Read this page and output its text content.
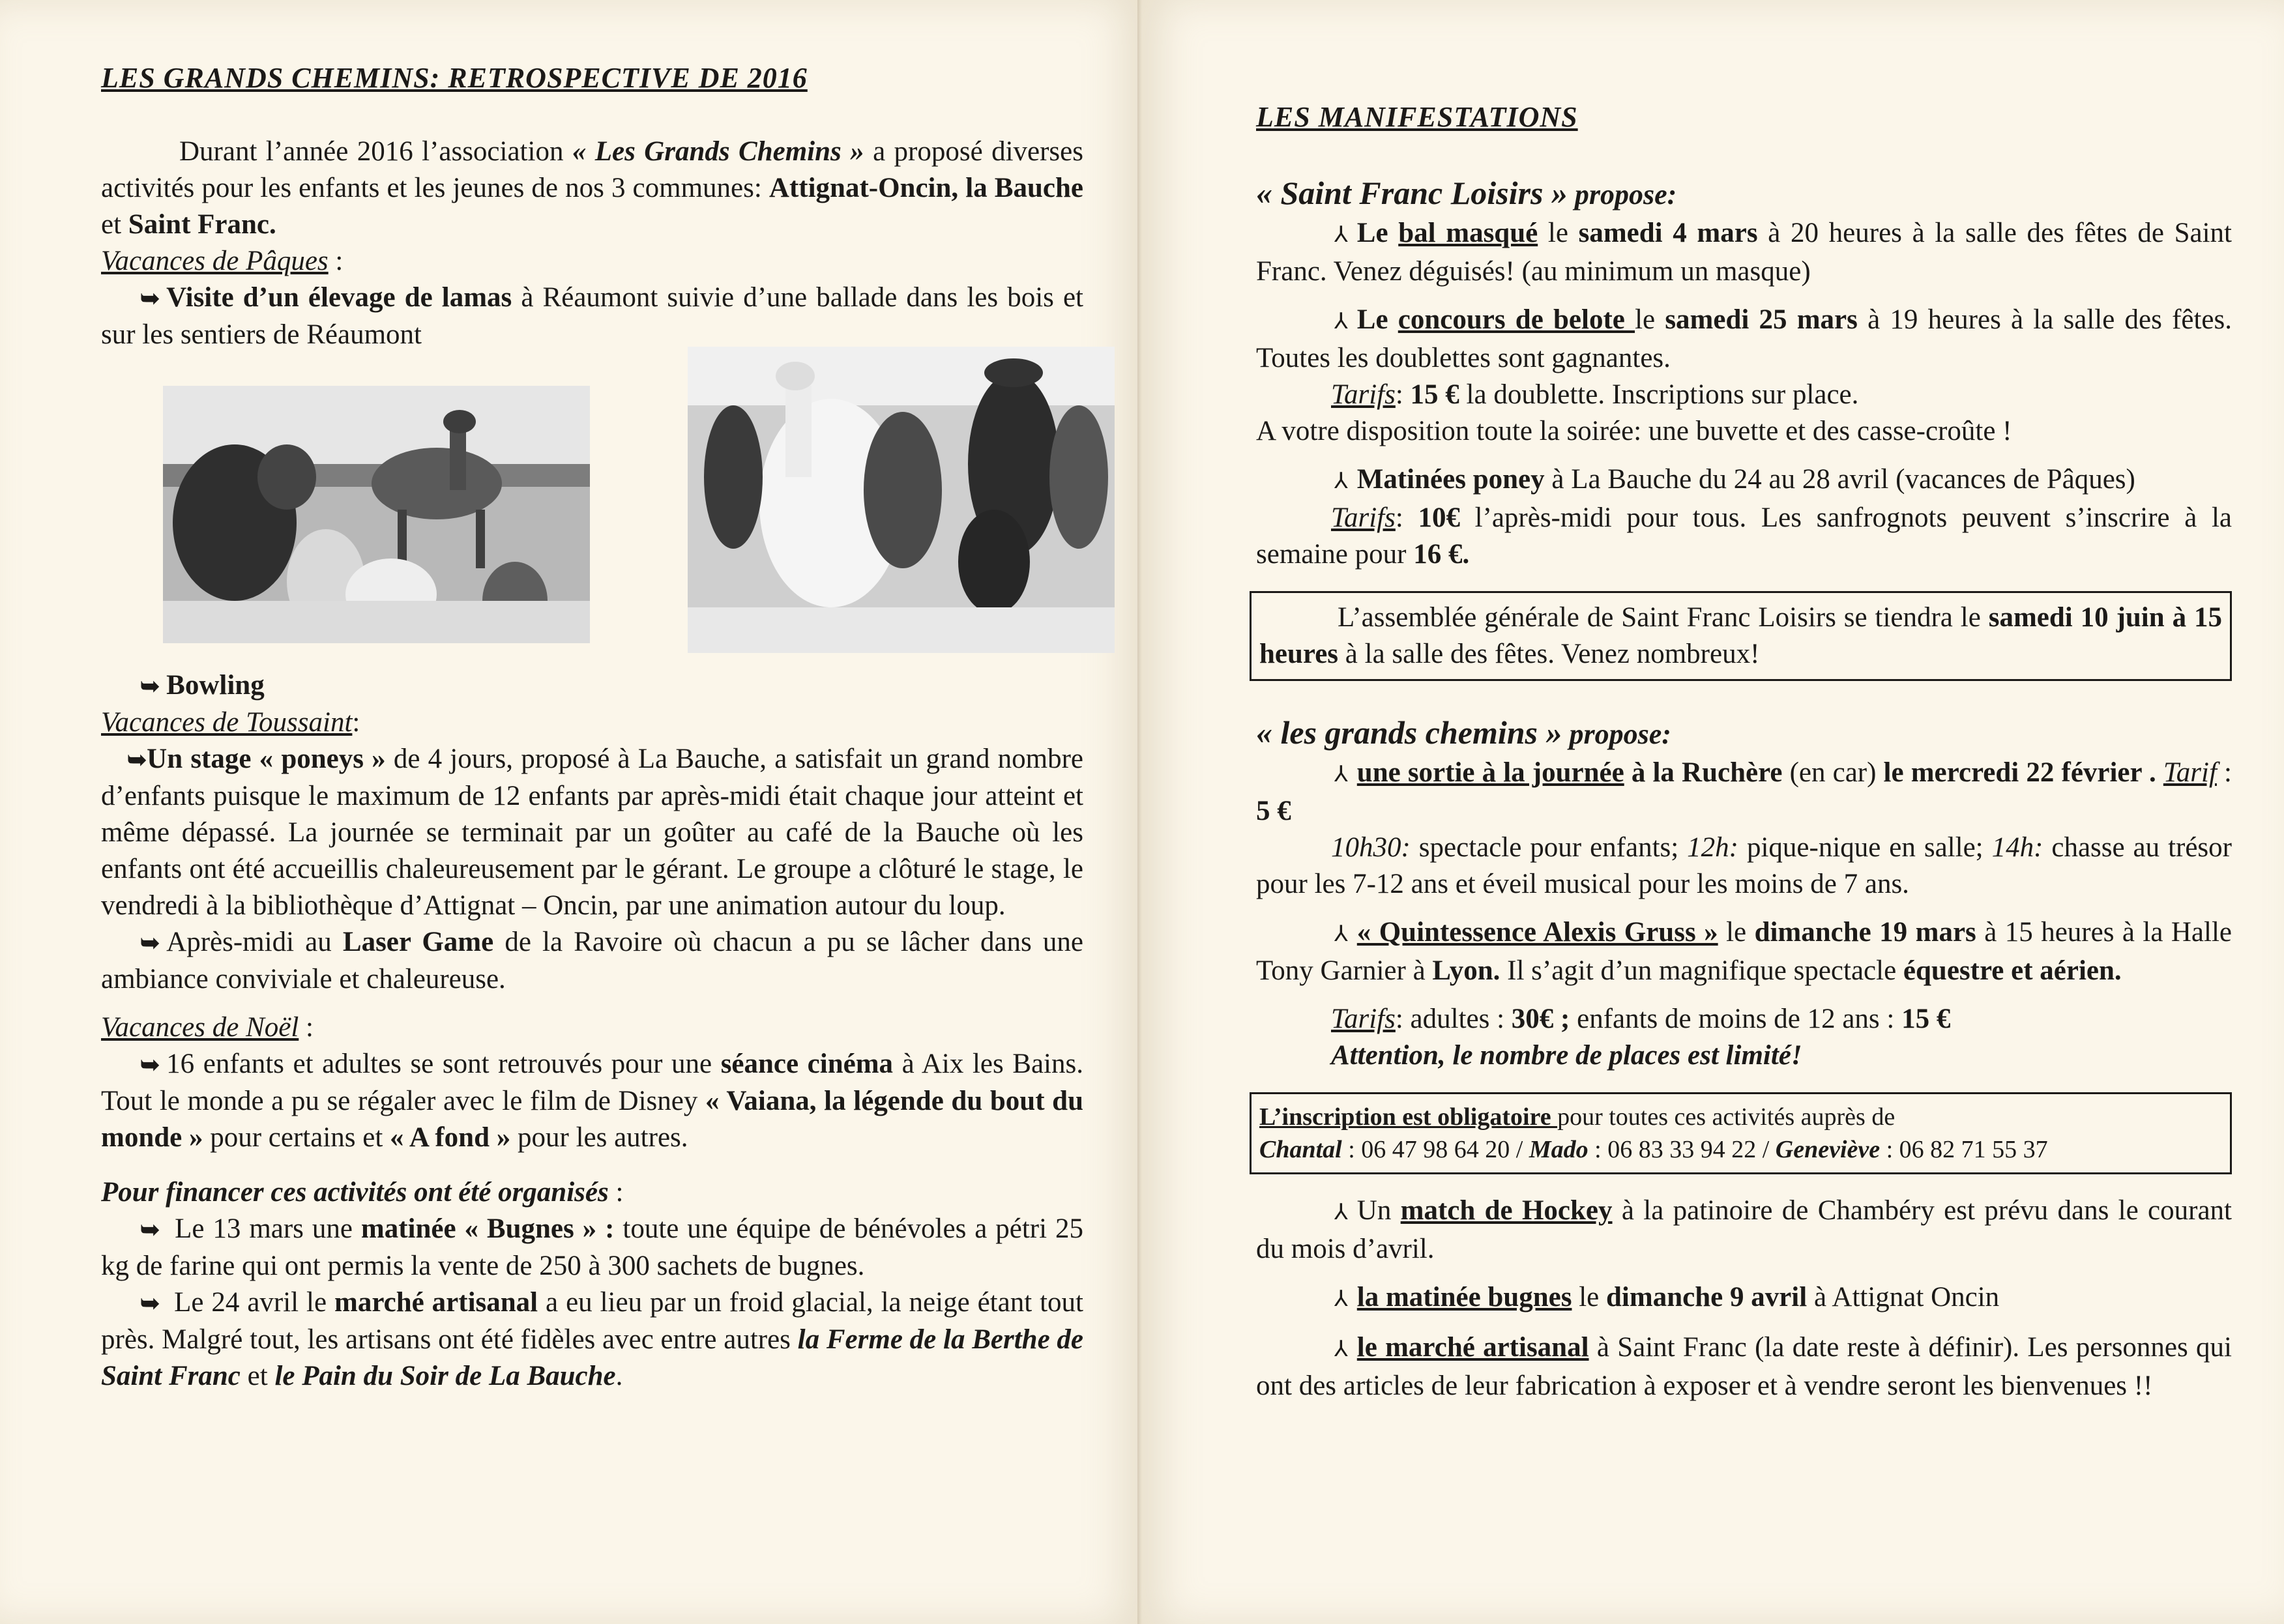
LES GRANDS CHEMINS: RETROSPECTIVE DE 2016

Durant l’année 2016 l’association « Les Grands Chemins » a proposé diverses activités pour les enfants et les jeunes de nos 3 communes: Attignat-Oncin, la Bauche et Saint Franc.

Vacances de Pâques :

➥ Visite d’un élevage de lamas à Réaumont suivie d’une ballade dans les bois et sur les sentiers de Réaumont

➥ Bowling

Vacances de Toussaint:

➥Un stage « poneys » de 4 jours, proposé à La Bauche, a satisfait un grand nombre d’enfants puisque le maximum de 12 enfants par après-midi était chaque jour atteint et même dépassé. La journée se terminait par un goûter au café de la Bauche où les enfants ont été accueillis chaleureusement par le gérant. Le groupe a clôturé le stage, le vendredi à la bibliothèque d’Attignat – Oncin, par une animation autour du loup.

➥ Après-midi au Laser Game de la Ravoire où chacun a pu se lâcher dans une ambiance conviviale et chaleureuse.

Vacances de Noël :

➥ 16 enfants et adultes se sont retrouvés pour une séance cinéma à Aix les Bains. Tout le monde a pu se régaler avec le film de Disney « Vaiana, la légende du bout du monde » pour certains et « A fond » pour les autres.

Pour financer ces activités ont été organisés :

➥ Le 13 mars une matinée « Bugnes » : toute une équipe de bénévoles a pétri 25 kg de farine qui ont permis la vente de 250 à 300 sachets de bugnes.

➥ Le 24 avril le marché artisanal a eu lieu par un froid glacial, la neige étant tout près. Malgré tout, les artisans ont été fidèles avec entre autres la Ferme de la Berthe de Saint Franc et le Pain du Soir de La Bauche.

LES MANIFESTATIONS

« Saint Franc Loisirs » propose:

⅄ Le bal masqué le samedi 4 mars à 20 heures à la salle des fêtes de Saint Franc. Venez déguisés! (au minimum un masque)

⅄ Le concours de belote le samedi 25 mars à 19 heures à la salle des fêtes. Toutes les doublettes sont gagnantes.

Tarifs: 15 € la doublette. Inscriptions sur place.

A votre disposition toute la soirée: une buvette et des casse-croûte !

⅄ Matinées poney à La Bauche du 24 au 28 avril (vacances de Pâques)

Tarifs: 10€ l’après-midi pour tous. Les sanfrognots peuvent s’inscrire à la semaine pour 16 €.

L’assemblée générale de Saint Franc Loisirs se tiendra le samedi 10 juin à 15 heures à la salle des fêtes. Venez nombreux!

« les grands chemins » propose:

⅄ une sortie à la journée à la Ruchère (en car) le mercredi 22 février . Tarif : 5 €

10h30: spectacle pour enfants; 12h: pique-nique en salle; 14h: chasse au trésor pour les 7-12 ans et éveil musical pour les moins de 7 ans.

⅄ « Quintessence Alexis Gruss » le dimanche 19 mars à 15 heures à la Halle Tony Garnier à Lyon. Il s’agit d’un magnifique spectacle équestre et aérien.

Tarifs: adultes : 30€ ; enfants de moins de 12 ans : 15 €

Attention, le nombre de places est limité!

L’inscription est obligatoire pour toutes ces activités auprès de

Chantal : 06 47 98 64 20 / Mado : 06 83 33 94 22 / Geneviève : 06 82 71 55 37

⅄ Un match de Hockey à la patinoire de Chambéry est prévu dans le courant du mois d’avril.

⅄ la matinée bugnes le dimanche 9 avril à Attignat Oncin

⅄ le marché artisanal à Saint Franc (la date reste à définir). Les personnes qui ont des articles de leur fabrication à exposer et à vendre seront les bienvenues !!
